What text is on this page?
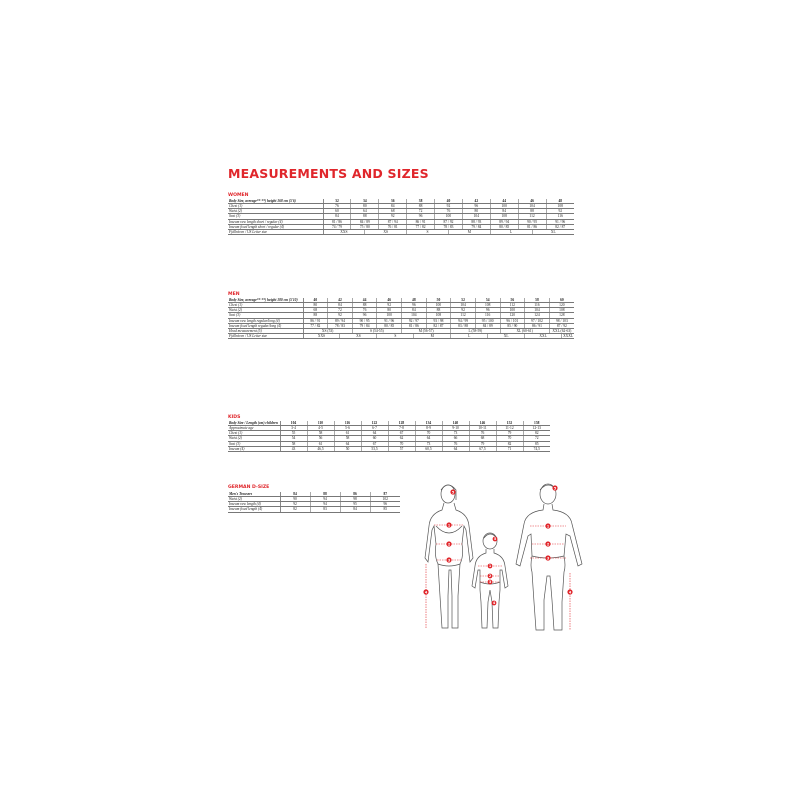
MEASUREMENTS AND SIZES
WOMEN
Body Size, average** **) height 168 cm (5'6)	32	34		36	38	40		42	44	46		48
Chest (1)	76	80		84	88	92		96	100	104		108
Waist (2)	60	64		68	72	76		80	84	88		92
Seat (3)	84	88		92	96	100		104	108	112		116
Inseam raw length short / regular (4)	81 / 86	84 / 89		87 / 94	86 / 91	87 / 92		88 / 93	89 / 94	90 / 95		91 / 96
Inseam fixed length short / regular (4)	74 / 79	75 / 80		76 / 81	77 / 82	78 / 83		79 / 84	80 / 85	81 / 86		82 / 87
Fjällräven / US Letter size	XXS		XS		S		M		L		XL	
MEN
Body Size, average** **) height 180 cm (5'10)	40	42		44	46	48		50	52	54		56	58	60	
Chest (1)	80	84		88	92	96		100	104	108		112	116	120	
Waist (2)	68	72		76	80	84		88	92	96		100	104	108	
Seat (3)	88	92		96	100	104		108	112	116		120	124	128	
Inseam raw length regular/long (4)	86 / 91	89 / 94		90 / 95	91 / 96	92 / 97		93 / 98	94 / 99	95 / 100		96 / 101	97 / 102	98 / 103	
Inseam fixed length regular/long (4)	77 / 82	78 / 83		79 / 84	80 / 85	81 / 86		82 / 87	83 / 88	84 / 89		85 / 90	86 / 91	87 / 92	
Head measurement (5)	XS (53)			S (54-55)		M (56-57)			L (58-59)			XL (60-61)		XXL (62-63)	
Fjällräven / US Letter size	XXS		XS		S		M		L		XL		XXL		XXXL
KIDS
Body Size / Length (cm) children	104	110	116	122	128	134	140	146	152	158
Approximate age	3-4	4-5	5-6	6-7	7-8	8-9	9-10	10-11	11-12	12-13
Chest (1)	55	58	61	64	67	70	73	76	79	82
Waist (2)	54	56	58	60	62	64	66	68	70	72
Seat (3)	58	61	64	67	70	73	76	79	82	85
Inseam (4)	43	46,5	50	53,5	57	60,5	64	67,5	71	74,5
GERMAN D-SIZE
Men's Trousers	84	88	86	87
Waist (2)	90	94	98	102
Inseam raw length (4)	92	94	95	96
Inseam fixed length (4)	82	83	84	85
5
1
2
3
4
5
1
2
3
4
5
1
2
3
4
